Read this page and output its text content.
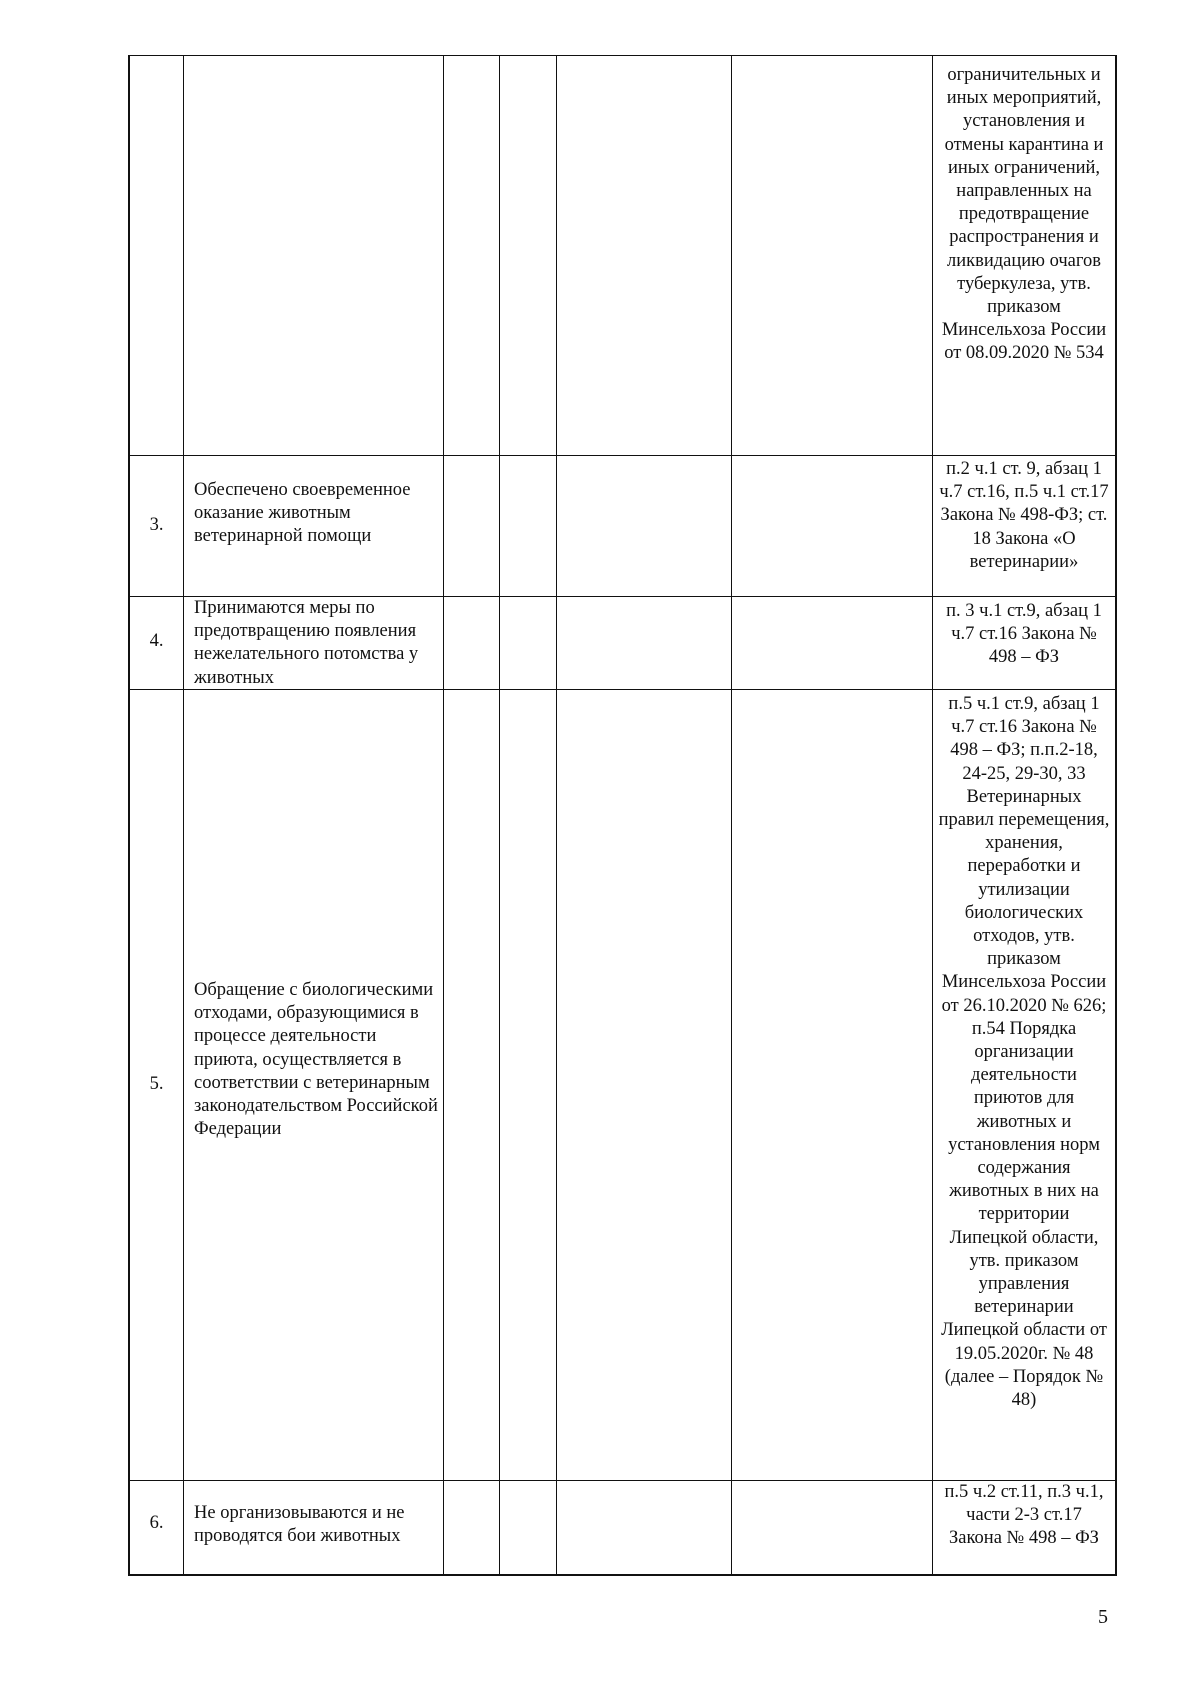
ограничительных и иных мероприятий, установления и отмены карантина и иных ограничений, направленных на предотвращение распространения и ликвидацию очагов туберкулеза, утв. приказом Минсельхоза России от 08.09.2020 № 534
3.
Обеспечено своевременное оказание животным ветеринарной помощи
п.2 ч.1 ст. 9, абзац 1 ч.7 ст.16, п.5 ч.1 ст.17 Закона № 498-ФЗ; ст. 18 Закона «О ветеринарии»
4.
Принимаются меры по предотвращению появления нежелательного потомства у животных
п. 3 ч.1 ст.9, абзац 1 ч.7 ст.16 Закона № 498 – ФЗ
5.
Обращение с биологическими отходами, образующимися в процессе деятельности приюта, осуществляется в соответствии с ветеринарным законодательством Российской Федерации
п.5 ч.1 ст.9, абзац 1 ч.7 ст.16 Закона № 498 – ФЗ; п.п.2-18, 24-25, 29-30, 33 Ветеринарных правил перемещения, хранения, переработки и утилизации биологических отходов, утв. приказом Минсельхоза России от 26.10.2020 № 626; п.54 Порядка организации деятельности приютов для животных и установления норм содержания животных в них на территории Липецкой области, утв. приказом управления ветеринарии Липецкой области от 19.05.2020г. № 48 (далее – Порядок № 48)
6.	Не организовываются и не проводятся бои животных
п.5 ч.2 ст.11, п.3 ч.1, части 2-3 ст.17 Закона № 498 – ФЗ
5
